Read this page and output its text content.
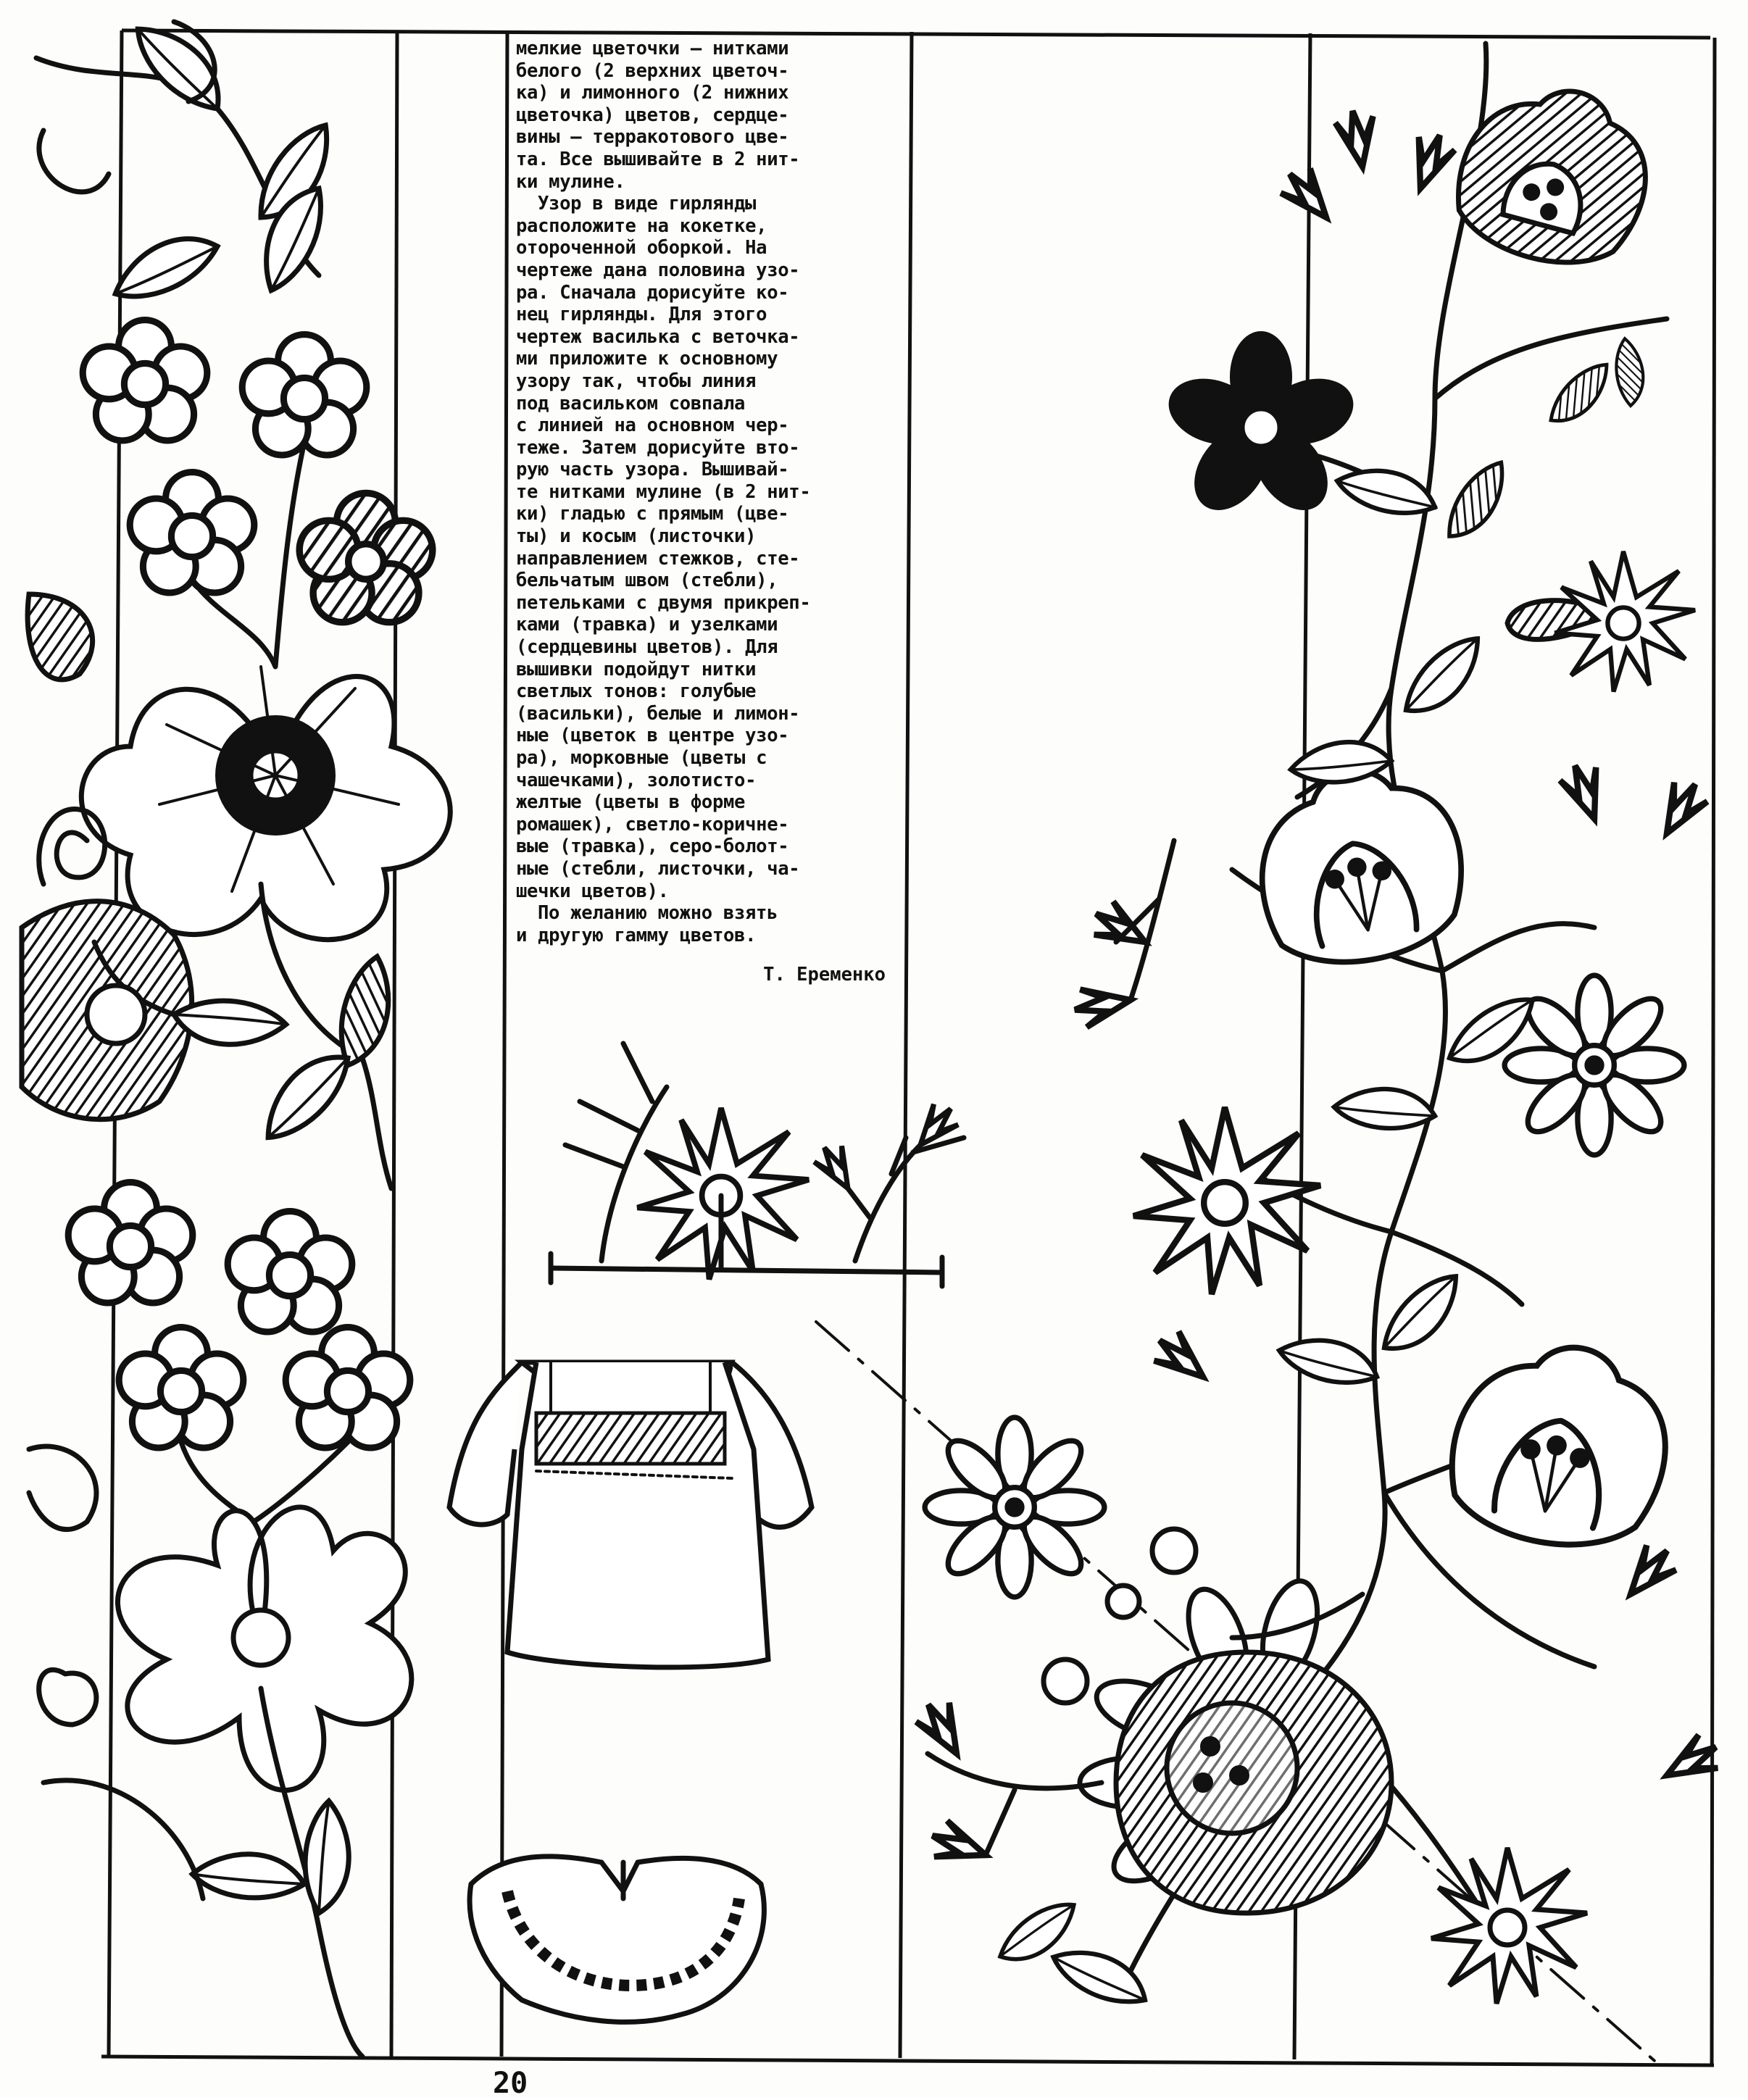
мелкие цветочки — нитками
белого (2 верхних цветоч-
ка) и лимонного (2 нижних
цветочка) цветов, сердце-
вины — терракотового цве-
та. Все вышивайте в 2 нит-
ки мулине.

Узор в виде гирлянды
расположите на кокетке,
отороченной оборкой. На
чертеже дана половина узо-
ра. Сначала дорисуйте ко-
нец гирлянды. Для этого
чертеж василька с веточка-
ми приложите к основному
узору так, чтобы линия
под васильком совпала
с линией на основном чер-
теже. Затем дорисуйте вто-
рую часть узора. Вышивай-
те нитками мулине (в 2 нит-
ки) гладью с прямым (цве-
ты) и косым (листочки)
направлением стежков, сте-
бельчатым швом (стебли),
петельками с двумя прикреп-
ками (травка) и узелками
(сердцевины цветов). Для
вышивки подойдут нитки
светлых тонов: голубые
(васильки), белые и лимон-
ные (цветок в центре узо-
ра), морковные (цветы с
чашечками), золотисто-
желтые (цветы в форме
ромашек), светло-коричне-
вые (травка), серо-болот-
ные (стебли, листочки, ча-
шечки цветов).

По желанию можно взять
и другую гамму цветов.

Т. Еременко
20
